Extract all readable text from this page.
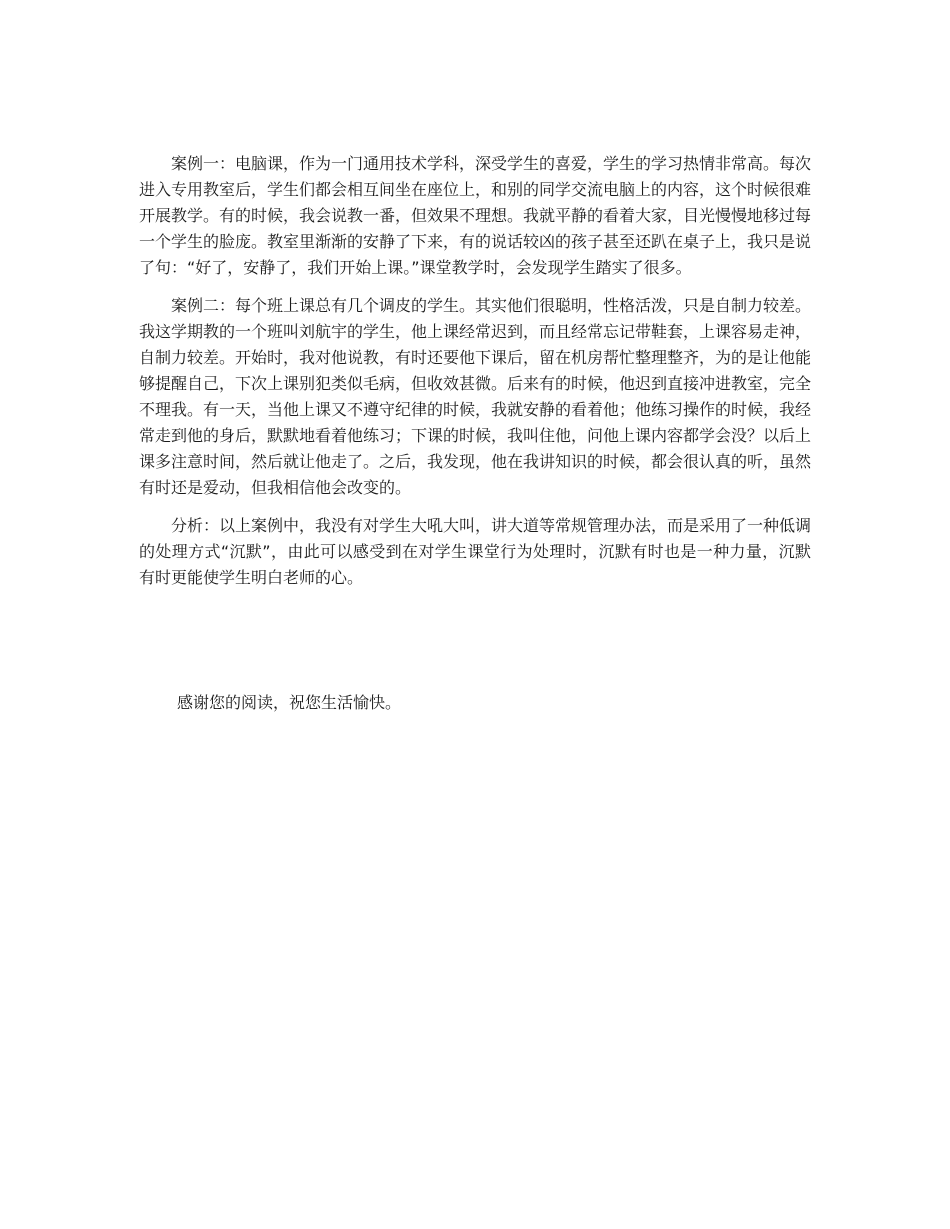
案例一：电脑课，作为一门通用技术学科，深受学生的喜爱，学生的学习热情非常高。每次进入专用教室后，学生们都会相互间坐在座位上，和别的同学交流电脑上的内容，这个时候很难开展教学。有的时候，我会说教一番，但效果不理想。我就平静的看着大家，目光慢慢地移过每一个学生的脸庞。教室里渐渐的安静了下来，有的说话较凶的孩子甚至还趴在桌子上，我只是说了句：“好了，安静了，我们开始上课。”课堂教学时，会发现学生踏实了很多。

案例二：每个班上课总有几个调皮的学生。其实他们很聪明，性格活泼，只是自制力较差。我这学期教的一个班叫刘航宇的学生，他上课经常迟到，而且经常忘记带鞋套，上课容易走神，自制力较差。开始时，我对他说教，有时还要他下课后，留在机房帮忙整理整齐，为的是让他能够提醒自己，下次上课别犯类似毛病，但收效甚微。后来有的时候，他迟到直接冲进教室，完全不理我。有一天，当他上课又不遵守纪律的时候，我就安静的看着他；他练习操作的时候，我经常走到他的身后，默默地看着他练习；下课的时候，我叫住他，问他上课内容都学会没？以后上课多注意时间，然后就让他走了。之后，我发现，他在我讲知识的时候，都会很认真的听，虽然有时还是爱动，但我相信他会改变的。

分析：以上案例中，我没有对学生大吼大叫，讲大道等常规管理办法，而是采用了一种低调的处理方式“沉默”，由此可以感受到在对学生课堂行为处理时，沉默有时也是一种力量，沉默有时更能使学生明白老师的心。

感谢您的阅读，祝您生活愉快。
